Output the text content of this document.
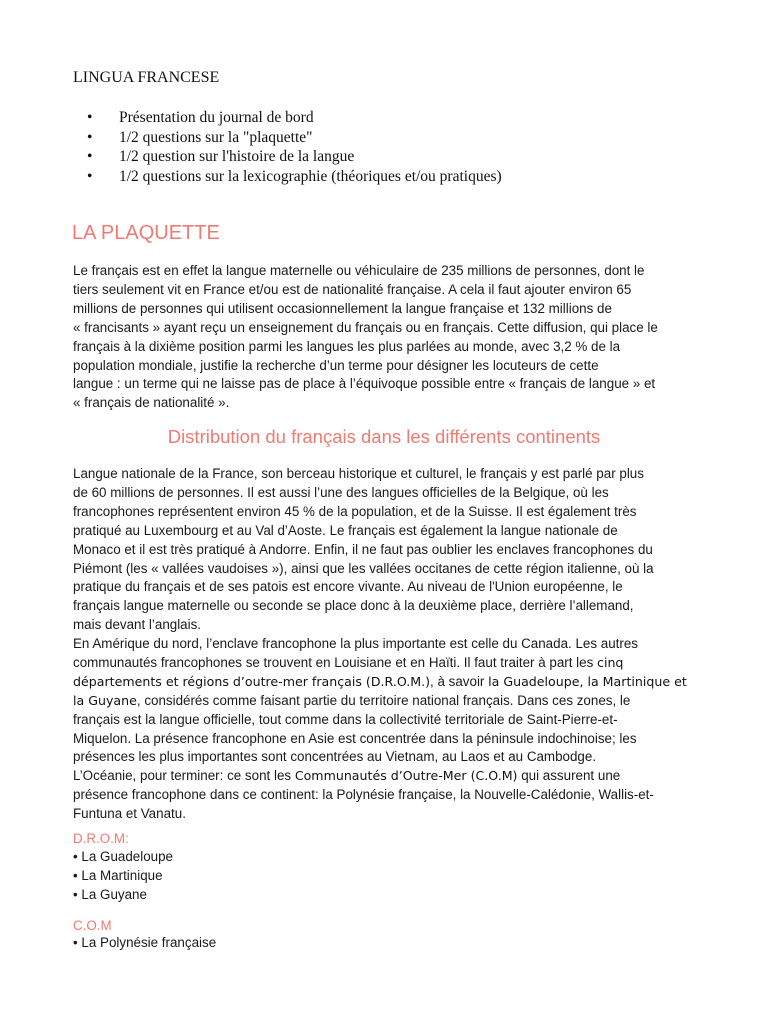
LINGUA FRANCESE
• Présentation du journal de bord
• 1/2 questions sur la "plaquette"
• 1/2 question sur l'histoire de la langue
• 1/2 questions sur la lexicographie (théoriques et/ou pratiques)
LA PLAQUETTE

Le français est en effet la langue maternelle ou véhiculaire de 235 millions de personnes, dont le
tiers seulement vit en France et/ou est de nationalité française. A cela il faut ajouter environ 65
millions de personnes qui utilisent occasionnellement la langue française et 132 millions de
« francisants » ayant reçu un enseignement du français ou en français. Cette diffusion, qui place le
français à la dixième position parmi les langues les plus parlées au monde, avec 3,2 % de la
population mondiale, justifie la recherche d’un terme pour désigner les locuteurs de cette
langue : un terme qui ne laisse pas de place à l’équivoque possible entre « français de langue » et
« français de nationalité ».

Distribution du français dans les différents continents

Langue nationale de la France, son berceau historique et culturel, le français y est parlé par plus
de 60 millions de personnes. Il est aussi l’une des langues officielles de la Belgique, où les
francophones représentent environ 45 % de la population, et de la Suisse. Il est également très
pratiqué au Luxembourg et au Val d’Aoste. Le français est également la langue nationale de
Monaco et il est très pratiqué à Andorre. Enfin, il ne faut pas oublier les enclaves francophones du
Piémont (les « vallées vaudoises »), ainsi que les vallées occitanes de cette région italienne, où la
pratique du français et de ses patois est encore vivante. Au niveau de l'Union européenne, le
français langue maternelle ou seconde se place donc à la deuxième place, derrière l’allemand,
mais devant l’anglais.

En Amérique du nord, l’enclave francophone la plus importante est celle du Canada. Les autres
communautés francophones se trouvent en Louisiane et en Haïti. Il faut traiter à part les cinq
départements et régions d’outre-mer français (D.R.O.M.), à savoir la Guadeloupe, la Martinique et
la Guyane, considérés comme faisant partie du territoire national français. Dans ces zones, le
français est la langue officielle, tout comme dans la collectivité territoriale de Saint-Pierre-et-
Miquelon. La présence francophone en Asie est concentrée dans la péninsule indochinoise; les
présences les plus importantes sont concentrées au Vietnam, au Laos et au Cambodge.
L’Océanie, pour terminer: ce sont les Communautés d’Outre-Mer (C.O.M) qui assurent une
présence francophone dans ce continent: la Polynésie française, la Nouvelle-Calédonie, Wallis-et-
Funtuna et Vanatu.

D.R.O.M:
• La Guadeloupe
• La Martinique
• La Guyane
C.O.M
• La Polynésie française
